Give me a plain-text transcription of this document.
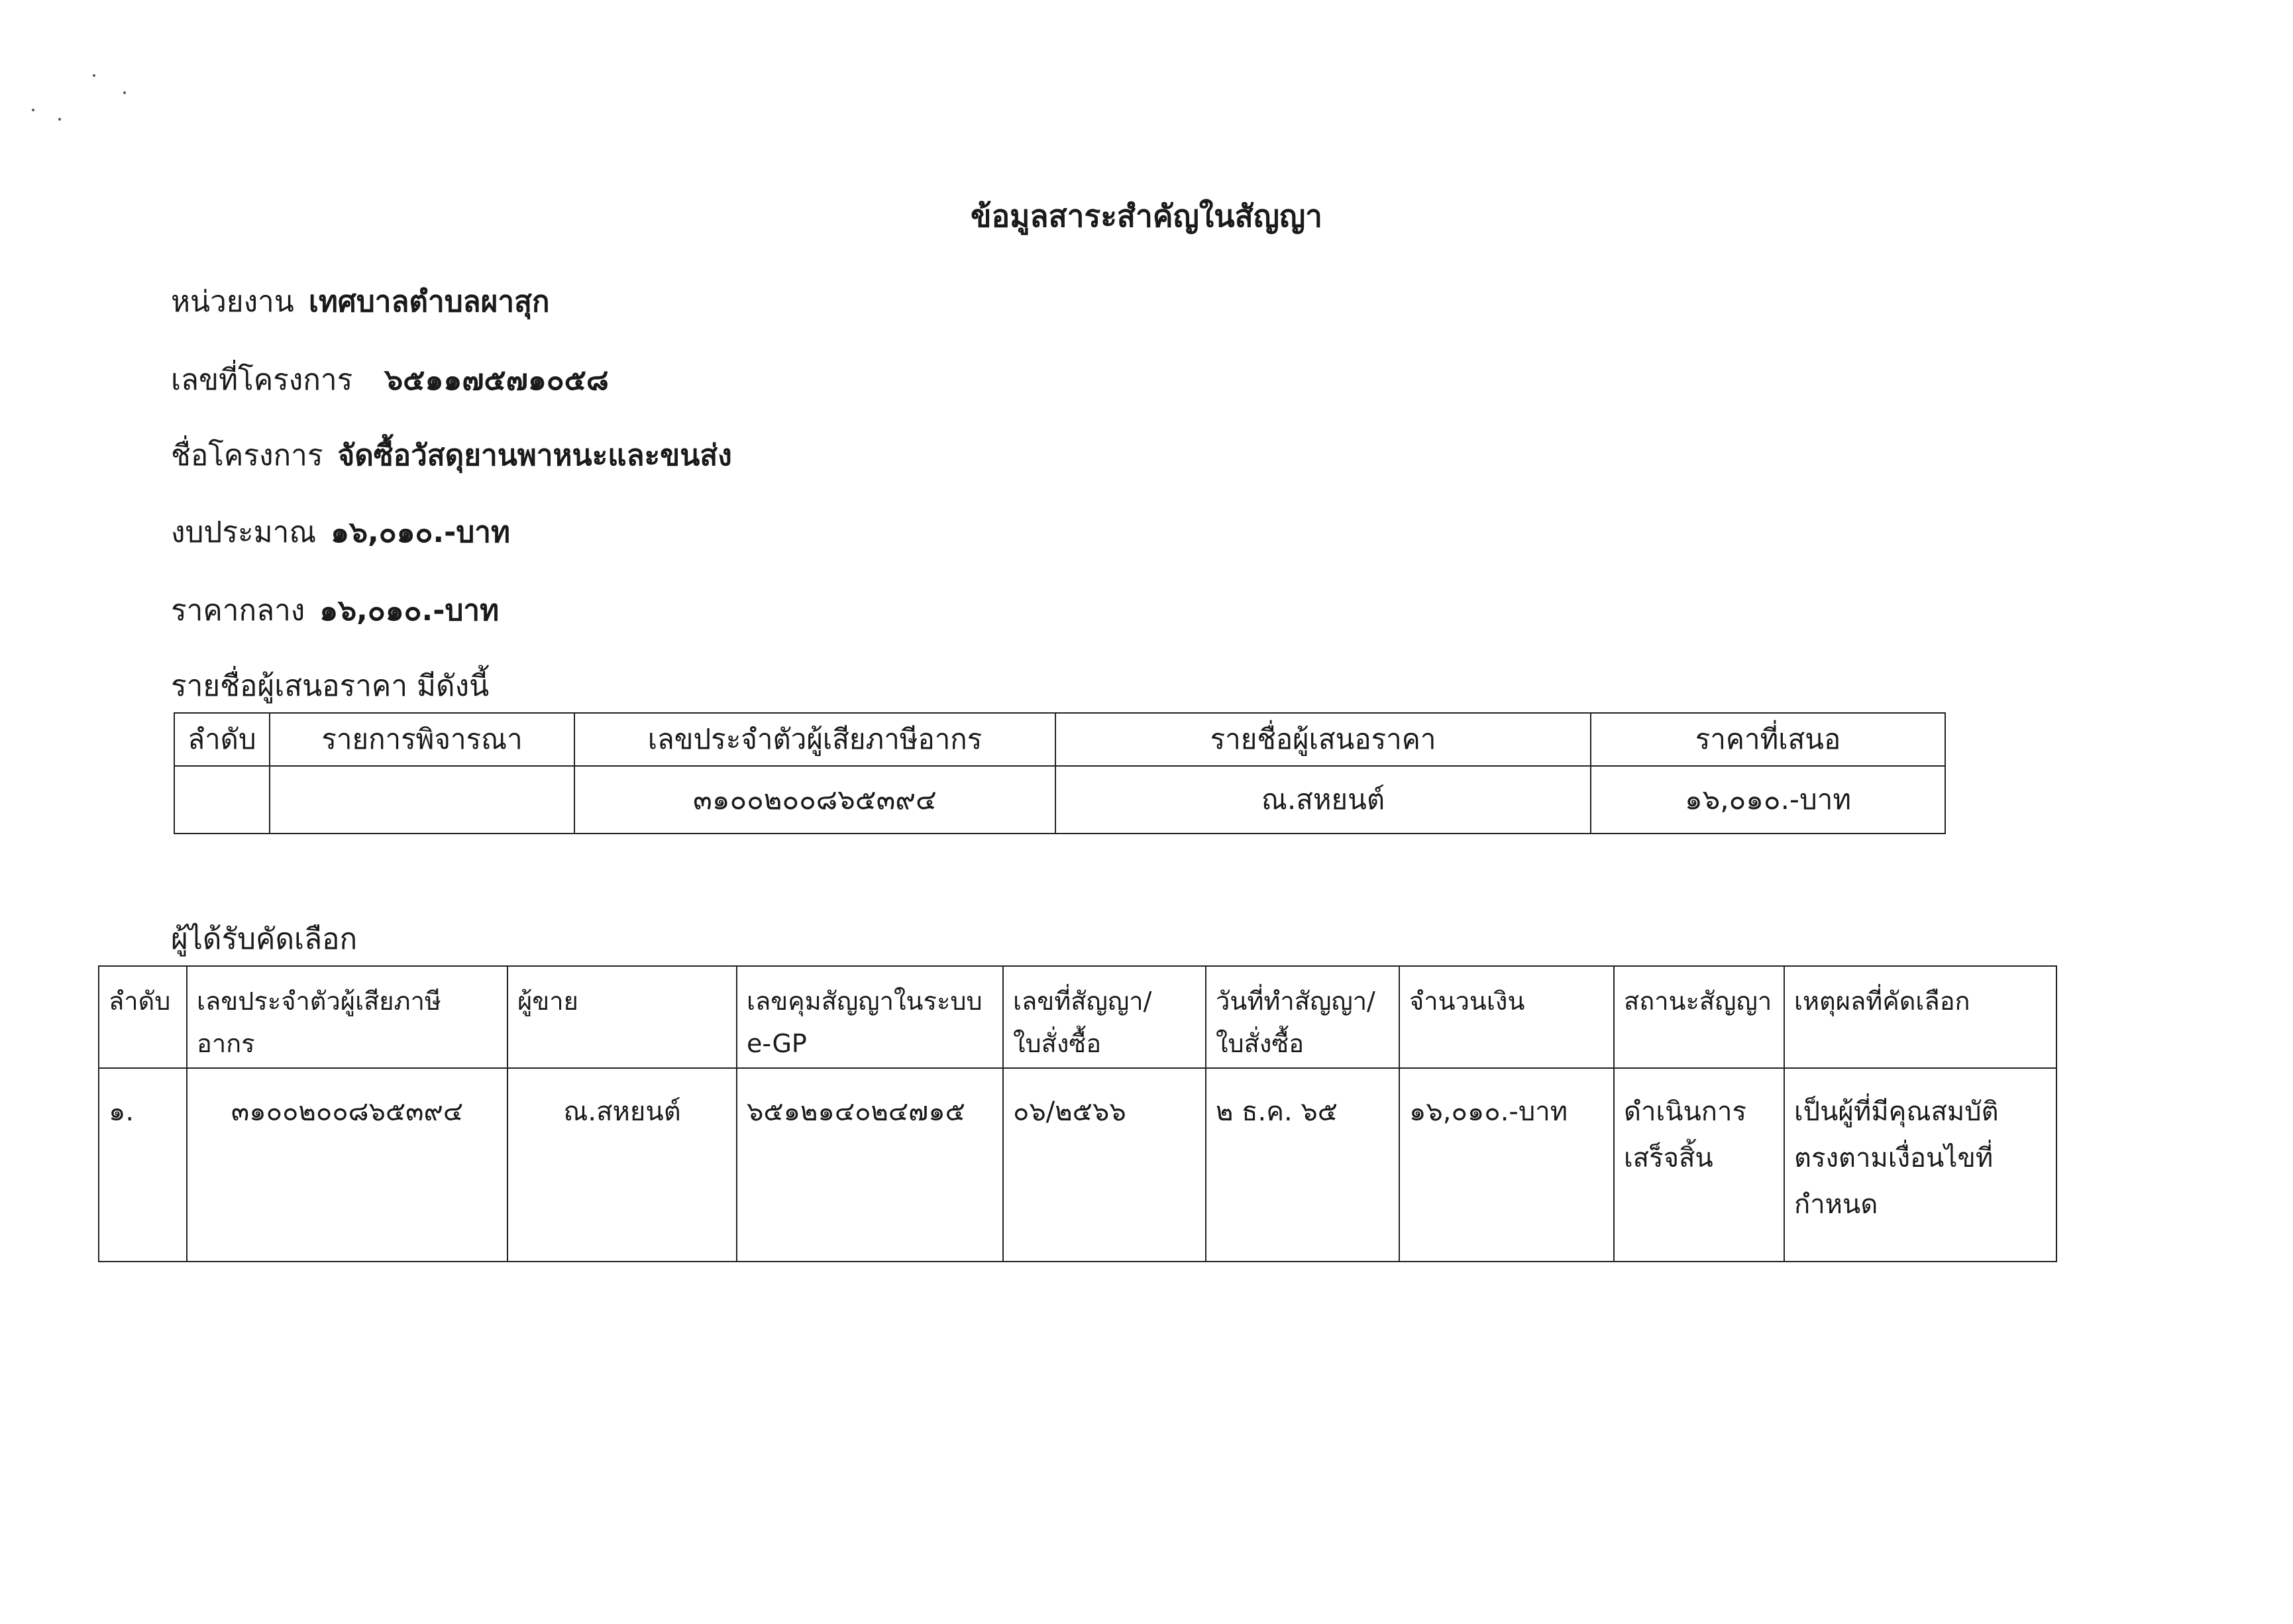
ข้อมูลสาระสำคัญในสัญญา
หน่วยงาน เทศบาลตำบลผาสุก
เลขที่โครงการ ๖๕๑๑๗๕๗๑๐๕๘
ชื่อโครงการ จัดซื้อวัสดุยานพาหนะและขนส่ง
งบประมาณ ๑๖,๐๑๐.-บาท
ราคากลาง ๑๖,๐๑๐.-บาท
รายชื่อผู้เสนอราคา มีดังนี้
ลำดับ	รายการพิจารณา	เลขประจำตัวผู้เสียภาษีอากร	รายชื่อผู้เสนอราคา	ราคาที่เสนอ
		๓๑๐๐๒๐๐๘๖๕๓๙๔	ณ.สหยนต์	๑๖,๐๑๐.-บาท
ผู้ได้รับคัดเลือก
ลำดับ	เลขประจำตัวผู้เสียภาษีอากร	ผู้ขาย	เลขคุมสัญญาในระบบ e-GP	เลขที่สัญญา/ ใบสั่งซื้อ	วันที่ทำสัญญา/ ใบสั่งซื้อ	จำนวนเงิน	สถานะสัญญา	เหตุผลที่คัดเลือก
๑.	๓๑๐๐๒๐๐๘๖๕๓๙๔	ณ.สหยนต์	๖๕๑๒๑๔๐๒๔๗๑๕	๐๖/๒๕๖๖	๒ ธ.ค. ๖๕	๑๖,๐๑๐.-บาท	ดำเนินการ เสร็จสิ้น	เป็นผู้ที่มีคุณสมบัติ ตรงตามเงื่อนไขที่ กำหนด
